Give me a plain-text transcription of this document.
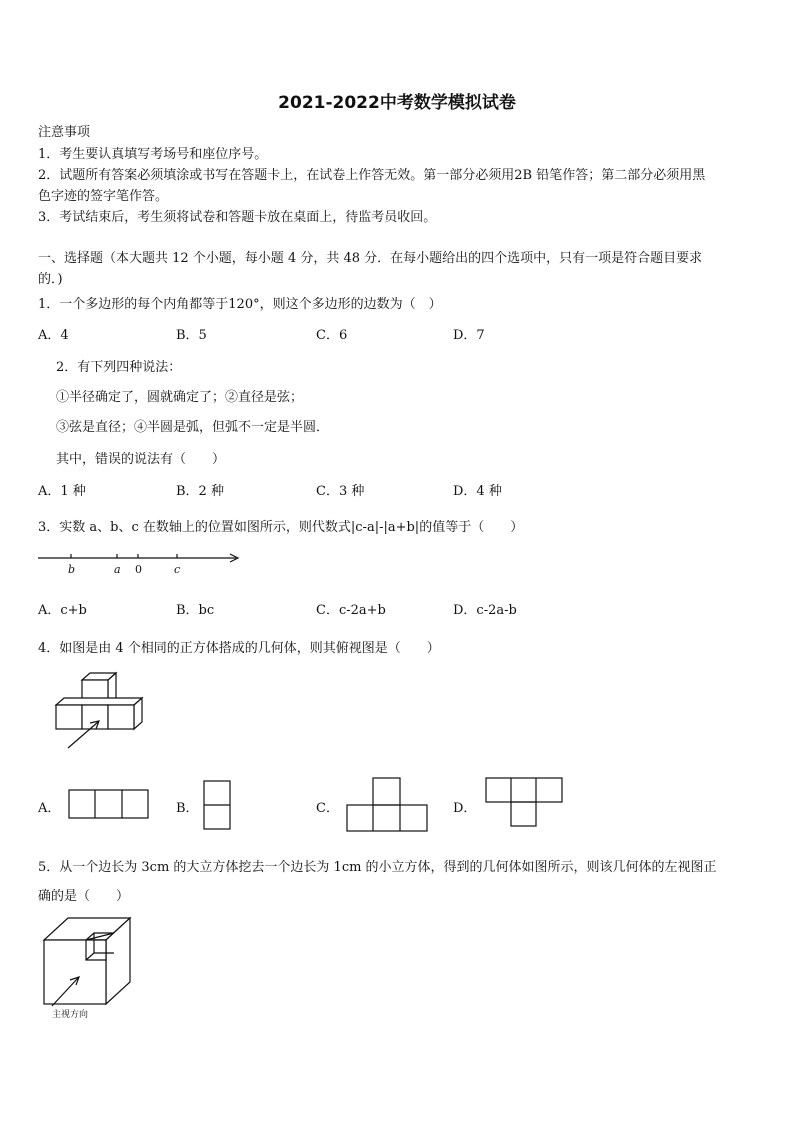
2021-2022中考数学模拟试卷
注意事项
1．考生要认真填写考场号和座位序号。
2．试题所有答案必须填涂或书写在答题卡上，在试卷上作答无效。第一部分必须用2B 铅笔作答；第二部分必须用黑
色字迹的签字笔作答。
3．考试结束后，考生须将试卷和答题卡放在桌面上，待监考员收回。
一、选择题（本大题共 12 个小题，每小题 4 分，共 48 分．在每小题给出的四个选项中，只有一项是符合题目要求
的．)
1．一个多边形的每个内角都等于120°，则这个多边形的边数为（　）
A．4	B．5	C．6	D．7
2．有下列四种说法：
①半径确定了，圆就确定了；②直径是弦；
③弦是直径；④半圆是弧，但弧不一定是半圆．
其中，错误的说法有（　　）
A．1 种	B．2 种	C．3 种	D．4 种
3．实数 a、b、c 在数轴上的位置如图所示，则代数式|c-a|-|a+b|的值等于（　　）
b	a 0	c
A．c+b	B．bc	C．c-2a+b	D．c-2a-b
4．如图是由 4 个相同的正方体搭成的几何体，则其俯视图是（　　）
A．	B．	C．	D．
5．从一个边长为 3cm 的大立方体挖去一个边长为 1cm 的小立方体，得到的几何体如图所示，则该几何体的左视图正
确的是（　　）
主视方向
